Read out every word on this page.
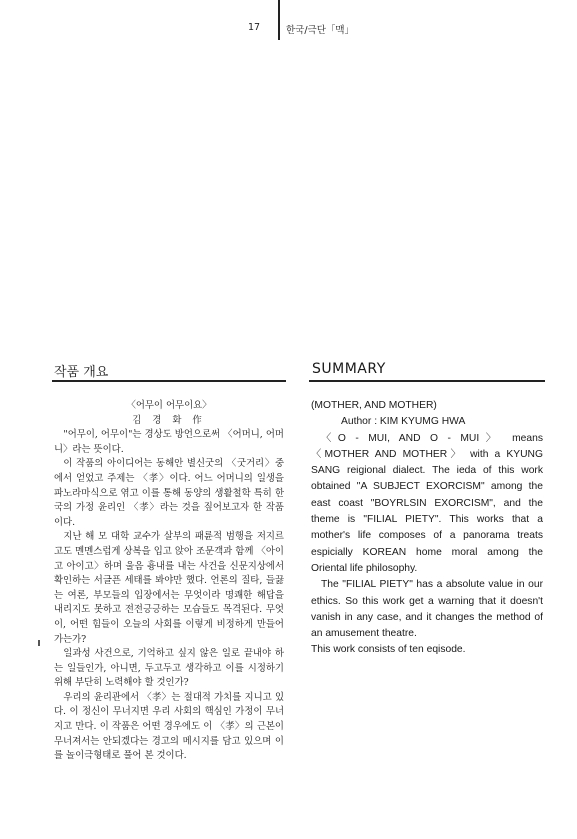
17	한국/극단「맥」
작품 개요	SUMMARY

〈어무이 어무이요〉

김 경 화 作

"어무이, 어무이"는 경상도 방언으로써 〈어머니, 어머니〉라는 뜻이다.

이 작품의 아이디어는 동해안 별신굿의 〈굿거리〉중에서 얻었고 주제는 〈孝〉이다. 어느 어머니의 일생을 파노라마식으로 엮고 이를 통해 동양의 생활철학 특히 한국의 가정 윤리인 〈孝〉라는 것을 짚어보고자 한 작품이다.

지난 해 모 대학 교수가 살부의 패륜적 범행을 저지르고도 멘멘스럽게 상복을 입고 앉아 조문객과 함께 〈아이고 아이고〉하며 울음 흉내를 내는 사건을 신문지상에서 확인하는 서글픈 세태를 봐야만 했다. 언론의 질타, 들끓는 여론, 부모들의 입장에서는 무엇이라 명쾌한 해답을 내리지도 못하고 전전긍긍하는 모습들도 목격된다. 무엇이, 어떤 힘들이 오늘의 사회를 이렇게 비정하게 만들어 가는가?

일과성 사건으로, 기억하고 싶지 않은 일로 끝내야 하는 일들인가, 아니면, 두고두고 생각하고 이를 시정하기 위해 부단히 노력해야 할 것인가?

우리의 윤리관에서 〈孝〉는 절대적 가치를 지니고 있다. 이 정신이 무너지면 우리 사회의 핵심인 가정이 무너지고 만다. 이 작품은 어떤 경우에도 이 〈孝〉의 근본이 무너져서는 안되겠다는 경고의 메시지를 담고 있으며 이를 놀이극형태로 풀어 본 것이다.

(MOTHER, AND MOTHER)

Author : KIM KYUMG HWA

〈O - MUI, AND O - MUI〉 means

〈MOTHER AND MOTHER〉 with a KYUNG SANG reigional dialect. The ieda of this work obtained "A SUBJECT EXORCISM" among the east coast "BOYRLSIN EXORCISM", and the theme is "FILIAL PIETY". This works that a mother's life composes of a panorama treats espicially KOREAN home moral among the Oriental life philosophy.

The "FILIAL PIETY" has a absolute value in our ethics. So this work get a warning that it doesn't vanish in any case, and it changes the method of an amusement theatre.

This work consists of ten eqisode.
